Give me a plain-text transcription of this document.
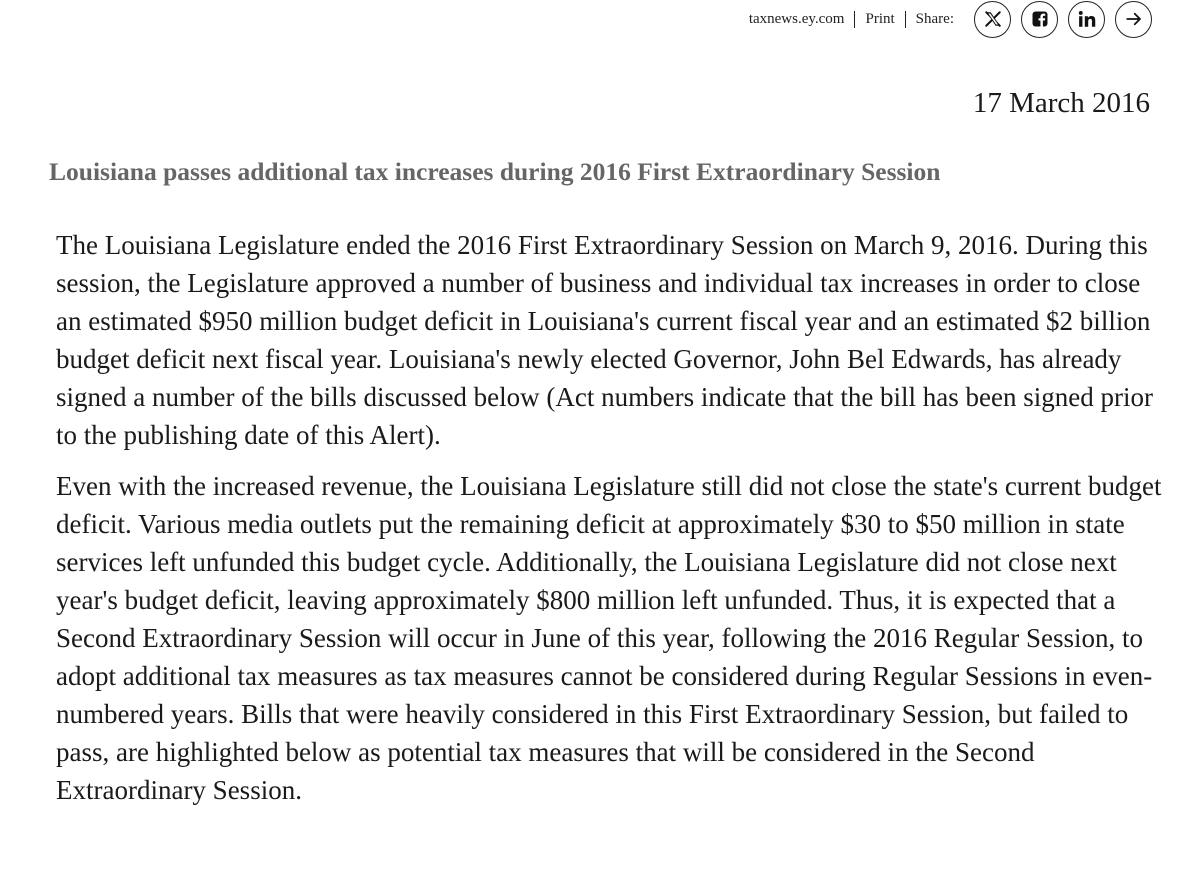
taxnews.ey.com	Print	Share:
17 March 2016
Louisiana passes additional tax increases during 2016 First Extraordinary Session

The Louisiana Legislature ended the 2016 First Extraordinary Session on March 9, 2016. During this session, the Legislature approved a number of business and individual tax increases in order to close an estimated $950 million budget deficit in Louisiana's current fiscal year and an estimated $2 billion budget deficit next fiscal year. Louisiana's newly elected Governor, John Bel Edwards, has already signed a number of the bills discussed below (Act numbers indicate that the bill has been signed prior to the publishing date of this Alert).

Even with the increased revenue, the Louisiana Legislature still did not close the state's current budget deficit. Various media outlets put the remaining deficit at approximately $30 to $50 million in state services left unfunded this budget cycle. Additionally, the Louisiana Legislature did not close next year's budget deficit, leaving approximately $800 million left unfunded. Thus, it is expected that a Second Extraordinary Session will occur in June of this year, following the 2016 Regular Session, to adopt additional tax measures as tax measures cannot be considered during Regular Sessions in even-numbered years. Bills that were heavily considered in this First Extraordinary Session, but failed to pass, are highlighted below as potential tax measures that will be considered in the Second Extraordinary Session.
